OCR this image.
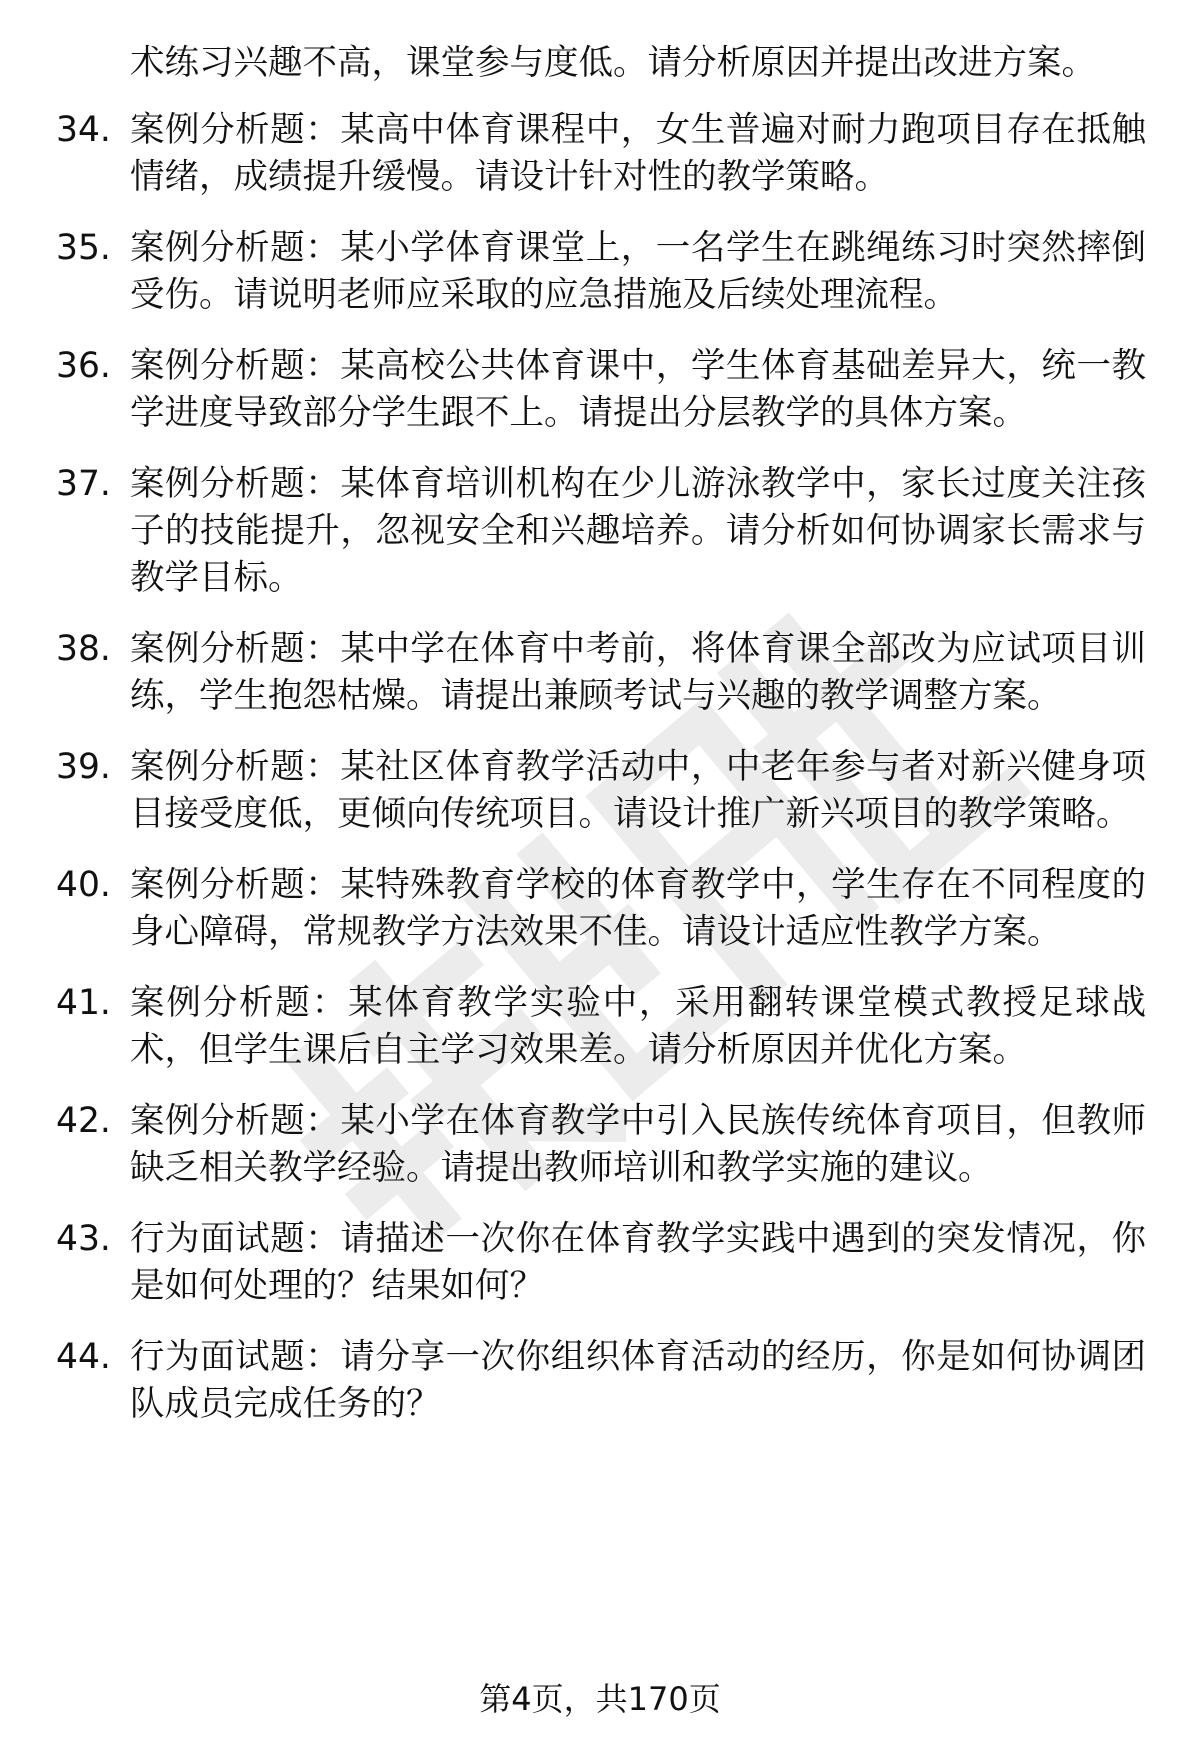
术练习兴趣不高，课堂参与度低。请分析原因并提出改进方案。
34. 案例分析题：某高中体育课程中，女生普遍对耐力跑项目存在抵触情绪，成绩提升缓慢。请设计针对性的教学策略。
35. 案例分析题：某小学体育课堂上，一名学生在跳绳练习时突然摔倒受伤。请说明老师应采取的应急措施及后续处理流程。
36. 案例分析题：某高校公共体育课中，学生体育基础差异大，统一教学进度导致部分学生跟不上。请提出分层教学的具体方案。
37. 案例分析题：某体育培训机构在少儿游泳教学中，家长过度关注孩子的技能提升，忽视安全和兴趣培养。请分析如何协调家长需求与教学目标。
38. 案例分析题：某中学在体育中考前，将体育课全部改为应试项目训练，学生抱怨枯燥。请提出兼顾考试与兴趣的教学调整方案。
39. 案例分析题：某社区体育教学活动中，中老年参与者对新兴健身项目接受度低，更倾向传统项目。请设计推广新兴项目的教学策略。
40. 案例分析题：某特殊教育学校的体育教学中，学生存在不同程度的身心障碍，常规教学方法效果不佳。请设计适应性教学方案。
41. 案例分析题：某体育教学实验中，采用翻转课堂模式教授足球战术，但学生课后自主学习效果差。请分析原因并优化方案。
42. 案例分析题：某小学在体育教学中引入民族传统体育项目，但教师缺乏相关教学经验。请提出教师培训和教学实施的建议。
43. 行为面试题：请描述一次你在体育教学实践中遇到的突发情况，你是如何处理的？结果如何？
44. 行为面试题：请分享一次你组织体育活动的经历，你是如何协调团队成员完成任务的？
第4页，共170页
